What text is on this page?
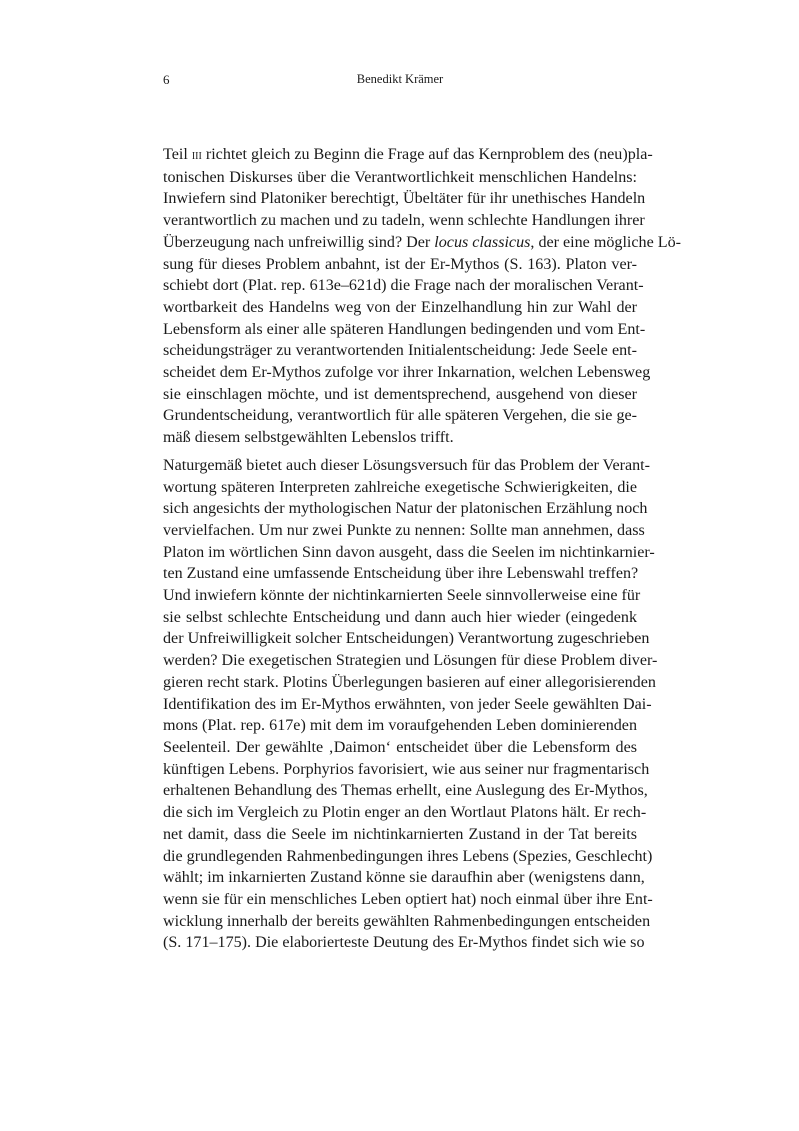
6	Benedikt Krämer

Teil iii richtet gleich zu Beginn die Frage auf das Kernproblem des (neu)pla-
tonischen Diskurses über die Verantwortlichkeit menschlichen Handelns:
Inwiefern sind Platoniker berechtigt, Übeltäter für ihr unethisches Handeln
verantwortlich zu machen und zu tadeln, wenn schlechte Handlungen ihrer
Überzeugung nach unfreiwillig sind? Der locus classicus, der eine mögliche Lö-
sung für dieses Problem anbahnt, ist der Er-Mythos (S. 163). Platon ver-
schiebt dort (Plat. rep. 613e–621d) die Frage nach der moralischen Verant-
wortbarkeit des Handelns weg von der Einzelhandlung hin zur Wahl der
Lebensform als einer alle späteren Handlungen bedingenden und vom Ent-
scheidungsträger zu verantwortenden Initialentscheidung: Jede Seele ent-
scheidet dem Er-Mythos zufolge vor ihrer Inkarnation, welchen Lebensweg
sie einschlagen möchte, und ist dementsprechend, ausgehend von dieser
Grundentscheidung, verantwortlich für alle späteren Vergehen, die sie ge-
mäß diesem selbstgewählten Lebenslos trifft.

Naturgemäß bietet auch dieser Lösungsversuch für das Problem der Verant-
wortung späteren Interpreten zahlreiche exegetische Schwierigkeiten, die
sich angesichts der mythologischen Natur der platonischen Erzählung noch
vervielfachen. Um nur zwei Punkte zu nennen: Sollte man annehmen, dass
Platon im wörtlichen Sinn davon ausgeht, dass die Seelen im nichtinkarnier-
ten Zustand eine umfassende Entscheidung über ihre Lebenswahl treffen?
Und inwiefern könnte der nichtinkarnierten Seele sinnvollerweise eine für
sie selbst schlechte Entscheidung und dann auch hier wieder (eingedenk
der Unfreiwilligkeit solcher Entscheidungen) Verantwortung zugeschrieben
werden? Die exegetischen Strategien und Lösungen für diese Problem diver-
gieren recht stark. Plotins Überlegungen basieren auf einer allegorisierenden
Identifikation des im Er-Mythos erwähnten, von jeder Seele gewählten Dai-
mons (Plat. rep. 617e) mit dem im voraufgehenden Leben dominierenden
Seelenteil. Der gewählte ‚Daimon‘ entscheidet über die Lebensform des
künftigen Lebens. Porphyrios favorisiert, wie aus seiner nur fragmentarisch
erhaltenen Behandlung des Themas erhellt, eine Auslegung des Er-Mythos,
die sich im Vergleich zu Plotin enger an den Wortlaut Platons hält. Er rech-
net damit, dass die Seele im nichtinkarnierten Zustand in der Tat bereits
die grundlegenden Rahmenbedingungen ihres Lebens (Spezies, Geschlecht)
wählt; im inkarnierten Zustand könne sie daraufhin aber (wenigstens dann,
wenn sie für ein menschliches Leben optiert hat) noch einmal über ihre Ent-
wicklung innerhalb der bereits gewählten Rahmenbedingungen entscheiden
(S. 171–175). Die elaborierteste Deutung des Er-Mythos findet sich wie so
